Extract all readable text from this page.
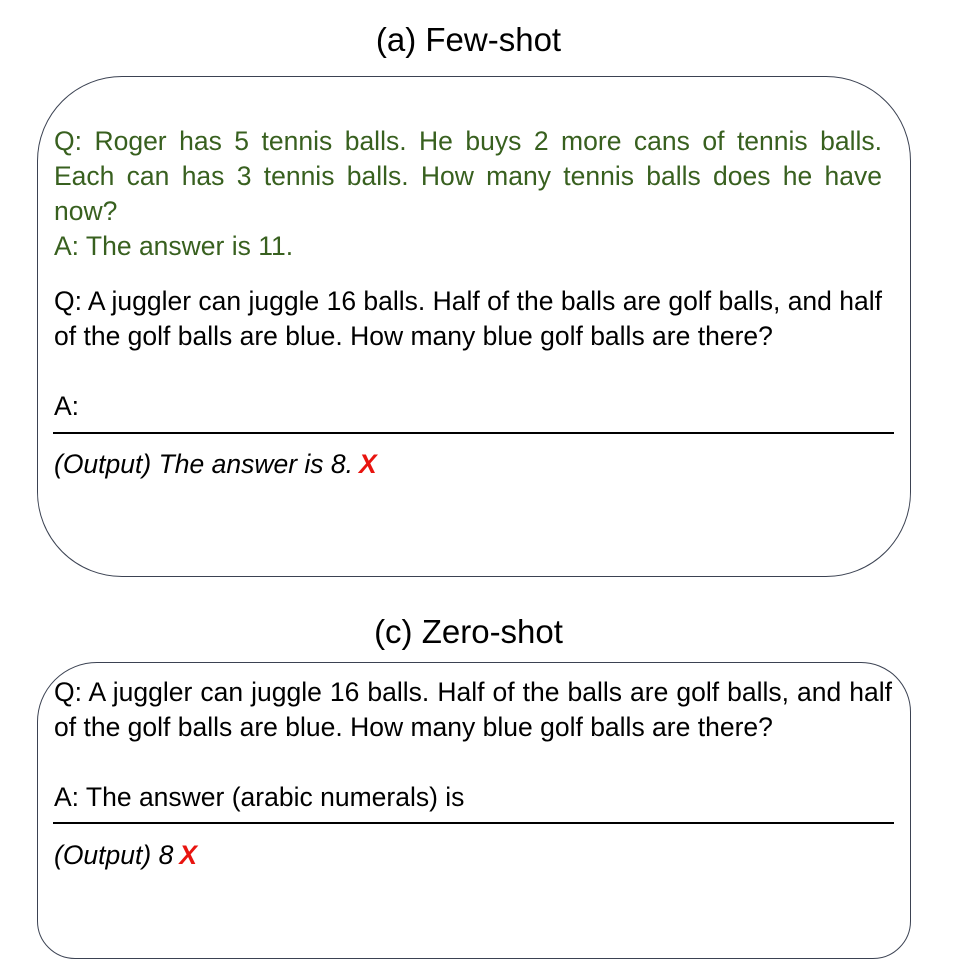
(a) Few-shot

Q: Roger has 5 tennis balls. He buys 2 more cans of tennis balls. Each can has 3 tennis balls. How many tennis balls does he have now?

A: The answer is 11.

Q: A juggler can juggle 16 balls. Half of the balls are golf balls, and half of the golf balls are blue. How many blue golf balls are there?

A:

(Output) The answer is 8. X
(c) Zero-shot

Q: A juggler can juggle 16 balls. Half of the balls are golf balls, and half of the golf balls are blue. How many blue golf balls are there?

A: The answer (arabic numerals) is

(Output) 8 X
